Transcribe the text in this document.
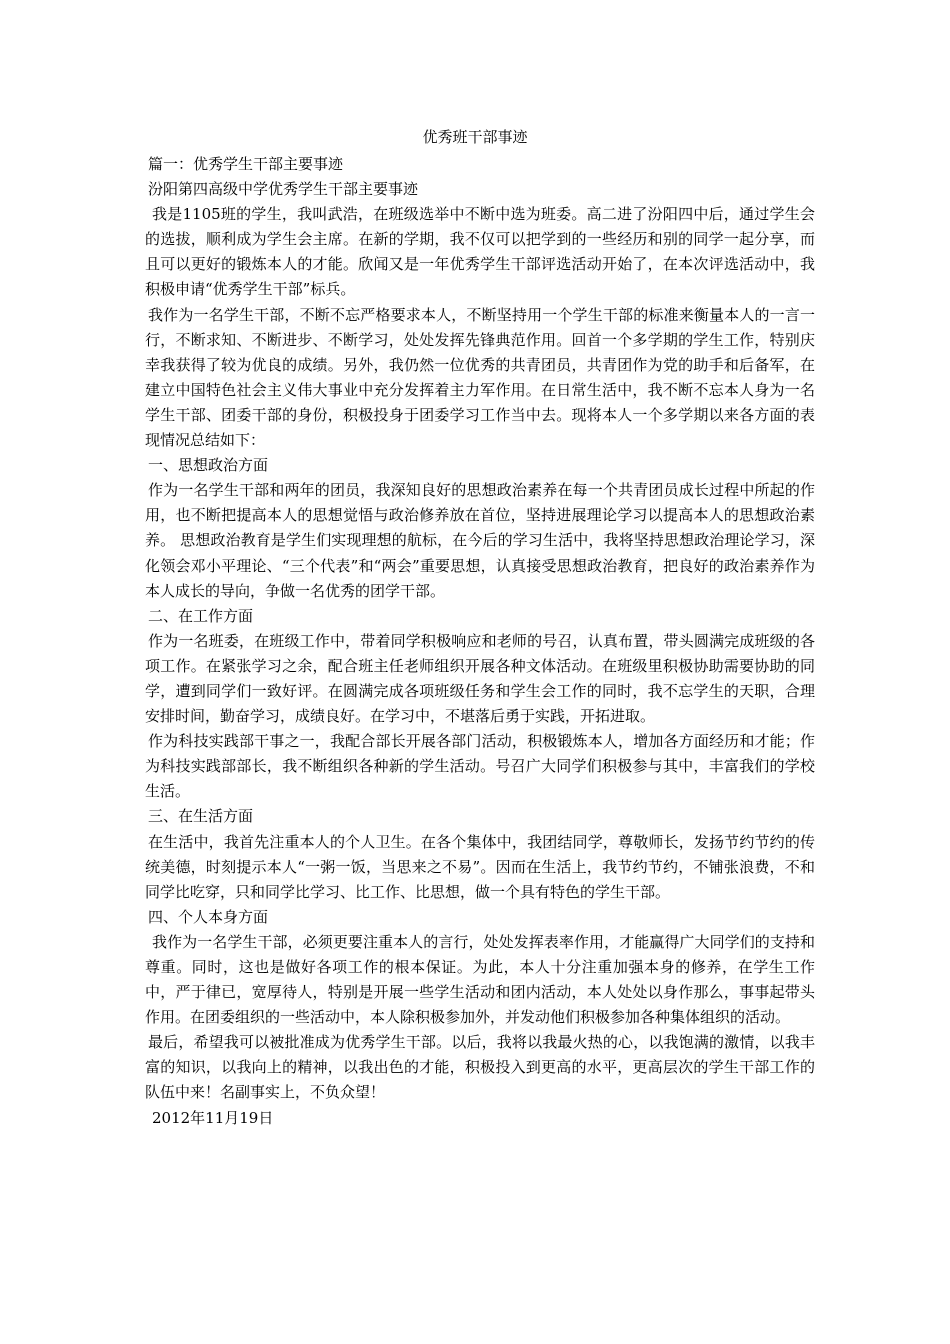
优秀班干部事迹

篇一：优秀学生干部主要事迹

汾阳第四高级中学优秀学生干部主要事迹

我是1105班的学生，我叫武浩，在班级选举中不断中选为班委。高二进了汾阳四中后，通过学生会的选拔，顺利成为学生会主席。在新的学期，我不仅可以把学到的一些经历和别的同学一起分享，而且可以更好的锻炼本人的才能。欣闻又是一年优秀学生干部评选活动开始了，在本次评选活动中，我积极申请“优秀学生干部”标兵。

我作为一名学生干部，不断不忘严格要求本人，不断坚持用一个学生干部的标准来衡量本人的一言一行，不断求知、不断进步、不断学习，处处发挥先锋典范作用。回首一个多学期的学生工作，特别庆幸我获得了较为优良的成绩。另外，我仍然一位优秀的共青团员，共青团作为党的助手和后备军，在建立中国特色社会主义伟大事业中充分发挥着主力军作用。在日常生活中，我不断不忘本人身为一名学生干部、团委干部的身份，积极投身于团委学习工作当中去。现将本人一个多学期以来各方面的表现情况总结如下：

一、思想政治方面

作为一名学生干部和两年的团员，我深知良好的思想政治素养在每一个共青团员成长过程中所起的作用，也不断把提高本人的思想觉悟与政治修养放在首位，坚持进展理论学习以提高本人的思想政治素养。 思想政治教育是学生们实现理想的航标，在今后的学习生活中，我将坚持思想政治理论学习，深化领会邓小平理论、“三个代表”和“两会”重要思想，认真接受思想政治教育，把良好的政治素养作为本人成长的导向，争做一名优秀的团学干部。

二、在工作方面

作为一名班委，在班级工作中，带着同学积极响应和老师的号召，认真布置，带头圆满完成班级的各项工作。在紧张学习之余，配合班主任老师组织开展各种文体活动。在班级里积极协助需要协助的同学，遭到同学们一致好评。在圆满完成各项班级任务和学生会工作的同时，我不忘学生的天职，合理安排时间，勤奋学习，成绩良好。在学习中，不堪落后勇于实践，开拓进取。

作为科技实践部干事之一，我配合部长开展各部门活动，积极锻炼本人，增加各方面经历和才能；作为科技实践部部长，我不断组织各种新的学生活动。号召广大同学们积极参与其中，丰富我们的学校生活。

三、在生活方面

在生活中，我首先注重本人的个人卫生。在各个集体中，我团结同学，尊敬师长，发扬节约节约的传统美德，时刻提示本人“一粥一饭，当思来之不易”。因而在生活上，我节约节约，不铺张浪费，不和同学比吃穿，只和同学比学习、比工作、比思想，做一个具有特色的学生干部。

四、个人本身方面

我作为一名学生干部，必须更要注重本人的言行，处处发挥表率作用，才能赢得广大同学们的支持和尊重。同时，这也是做好各项工作的根本保证。为此，本人十分注重加强本身的修养，在学生工作中，严于律已，宽厚待人，特别是开展一些学生活动和团内活动，本人处处以身作那么，事事起带头作用。在团委组织的一些活动中，本人除积极参加外，并发动他们积极参加各种集体组织的活动。

最后，希望我可以被批准成为优秀学生干部。以后，我将以我最火热的心，以我饱满的激情，以我丰富的知识，以我向上的精神，以我出色的才能，积极投入到更高的水平，更高层次的学生干部工作的队伍中来！名副事实上，不负众望！

2012年11月19日
